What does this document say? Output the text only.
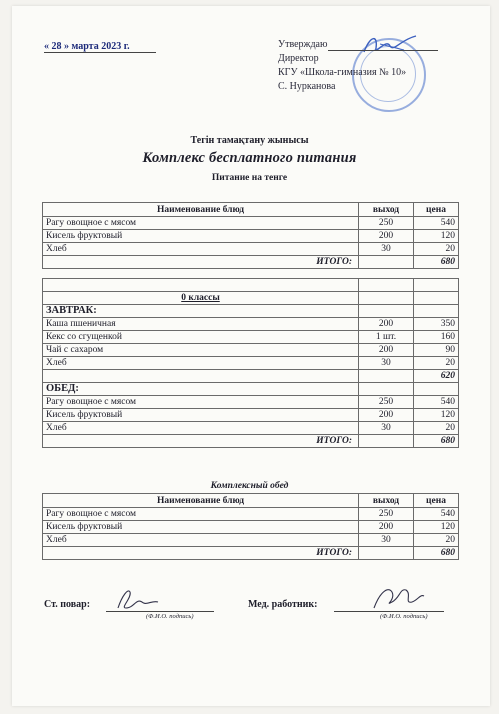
« 28 » марта 2023 г.	Утверждаю
Директор
КГУ «Школа-гимназия № 10»
С. Нурканова
Тегін тамақтану жынысы
Комплекс бесплатного питания
Питание на тенге
Наименование блюд	выход	цена
Рагу овощное с мясом	250	540
Кисель фруктовый	200	120
Хлеб	30	20
ИТОГО:		680

0 классы		
ЗАВТРАК:		
Каша пшеничная	200	350
Кекс со сгущенкой	1 шт.	160
Чай с сахаром	200	90
Хлеб	30	20
		620
ОБЕД:		
Рагу овощное с мясом	250	540
Кисель фруктовый	200	120
Хлеб	30	20
ИТОГО:		680
Комплексный обед
Наименование блюд	выход	цена
Рагу овощное с мясом	250	540
Кисель фруктовый	200	120
Хлеб	30	20
ИТОГО:		680
Ст. повар:
(Ф.И.О. подпись)
Мед. работник:
(Ф.И.О. подпись)
